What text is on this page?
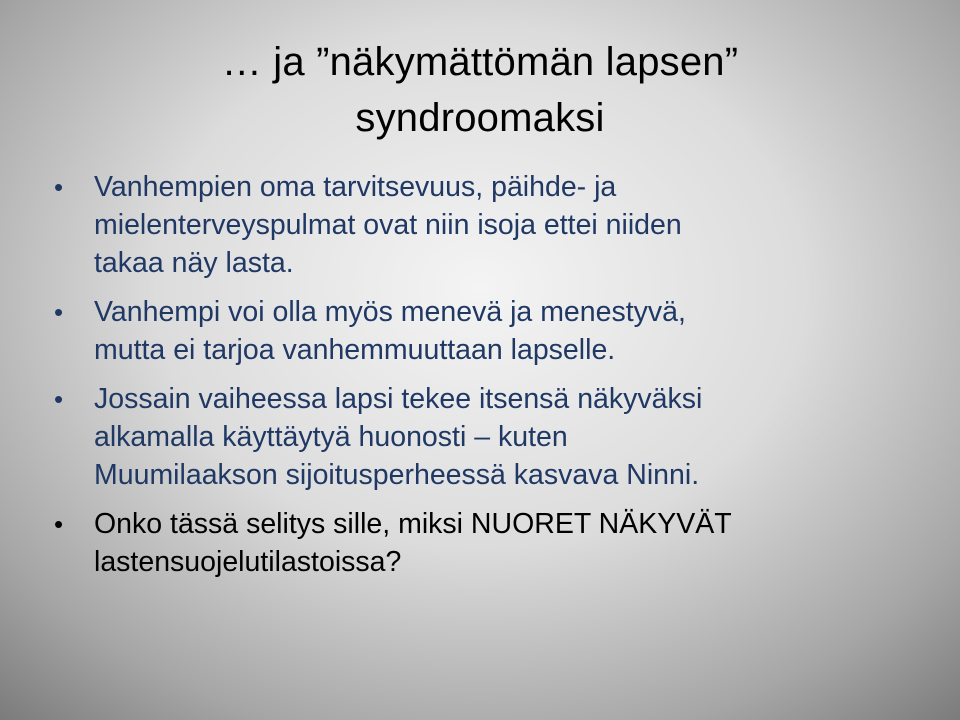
… ja ”näkymättömän lapsen”
syndroomaksi
• Vanhempien oma tarvitsevuus, päihde- ja
mielenterveyspulmat ovat niin isoja ettei niiden
takaa näy lasta.
• Vanhempi voi olla myös menevä ja menestyvä,
mutta ei tarjoa vanhemmuuttaan lapselle.
• Jossain vaiheessa lapsi tekee itsensä näkyväksi
alkamalla käyttäytyä huonosti – kuten
Muumilaakson sijoitusperheessä kasvava Ninni.
• Onko tässä selitys sille, miksi NUORET NÄKYVÄT
lastensuojelutilastoissa?
